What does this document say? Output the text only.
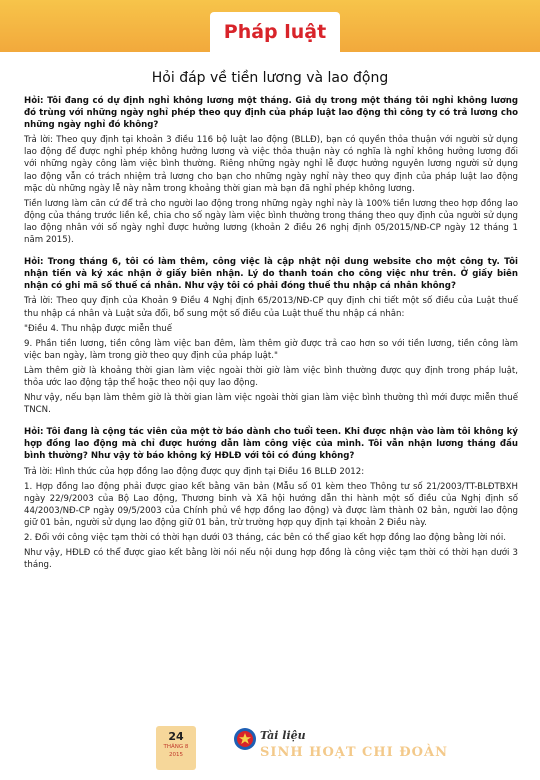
Pháp luật
Hỏi đáp về tiền lương và lao động

Hỏi: Tôi đang có dự định nghỉ không lương một tháng. Giả dụ trong một tháng tôi nghỉ không lương đó trùng với những ngày nghỉ phép theo quy định của pháp luật lao động thì công ty có trả lương cho những ngày nghỉ đó không?

Trả lời: Theo quy định tại khoản 3 điều 116 bộ luật lao động (BLLĐ), bạn có quyền thỏa thuận với người sử dụng lao động để được nghỉ phép không hưởng lương và việc thỏa thuận này có nghĩa là nghỉ không hưởng lương đối với những ngày công làm việc bình thường. Riêng những ngày nghỉ lễ được hưởng nguyên lương người sử dụng lao động vẫn có trách nhiệm trả lương cho bạn cho những ngày nghỉ này theo quy định của pháp luật lao động mặc dù những ngày lễ này nằm trong khoảng thời gian mà bạn đã nghỉ phép không lương.

Tiền lương làm căn cứ để trả cho người lao động trong những ngày nghỉ này là 100% tiền lương theo hợp đồng lao động của tháng trước liền kề, chia cho số ngày làm việc bình thường trong tháng theo quy định của người sử dụng lao động nhân với số ngày nghỉ được hưởng lương (khoản 2 điều 26 nghị định 05/2015/NĐ-CP ngày 12 tháng 1 năm 2015).

Hỏi: Trong tháng 6, tôi có làm thêm, công việc là cập nhật nội dung website cho một công ty. Tôi nhận tiền và ký xác nhận ở giấy biên nhận. Lý do thanh toán cho công việc như trên. Ở giấy biên nhận có ghi mã số thuế cá nhân. Như vậy tôi có phải đóng thuế thu nhập cá nhân không?

Trả lời: Theo quy định của Khoản 9 Điều 4 Nghị định 65/2013/NĐ-CP quy định chi tiết một số điều của Luật thuế thu nhập cá nhân và Luật sửa đổi, bổ sung một số điều của Luật thuế thu nhập cá nhân:

"Điều 4. Thu nhập được miễn thuế

9. Phần tiền lương, tiền công làm việc ban đêm, làm thêm giờ được trả cao hơn so với tiền lương, tiền công làm việc ban ngày, làm trong giờ theo quy định của pháp luật."

Làm thêm giờ là khoảng thời gian làm việc ngoài thời giờ làm việc bình thường được quy định trong pháp luật, thỏa ước lao động tập thể hoặc theo nội quy lao động.

Như vậy, nếu bạn làm thêm giờ là thời gian làm việc ngoài thời gian làm việc bình thường thì mới được miễn thuế TNCN.

Hỏi: Tôi đang là cộng tác viên của một tờ báo dành cho tuổi teen. Khi được nhận vào làm tôi không ký hợp đồng lao động mà chỉ được hướng dẫn làm công việc của mình. Tôi vẫn nhận lương tháng đầu bình thường? Như vậy tờ báo không ký HĐLĐ với tôi có đúng không?

Trả lời: Hình thức của hợp đồng lao động được quy định tại Điều 16 BLLĐ 2012:

1. Hợp đồng lao động phải được giao kết bằng văn bản (Mẫu số 01 kèm theo Thông tư số 21/2003/TT-BLĐTBXH ngày 22/9/2003 của Bộ Lao động, Thương binh và Xã hội hướng dẫn thi hành một số điều của Nghị định số 44/2003/NĐ-CP ngày 09/5/2003 của Chính phủ về hợp đồng lao động) và được làm thành 02 bản, người lao động giữ 01 bản, người sử dụng lao động giữ 01 bản, trừ trường hợp quy định tại khoản 2 Điều này.

2. Đối với công việc tạm thời có thời hạn dưới 03 tháng, các bên có thể giao kết hợp đồng lao động bằng lời nói.

Như vậy, HĐLĐ có thể được giao kết bằng lời nói nếu nội dung hợp đồng là công việc tạm thời có thời hạn dưới 3 tháng.

24
THÁNG 8
2015
Tài liệu
SINH HOẠT CHI ĐOÀN
